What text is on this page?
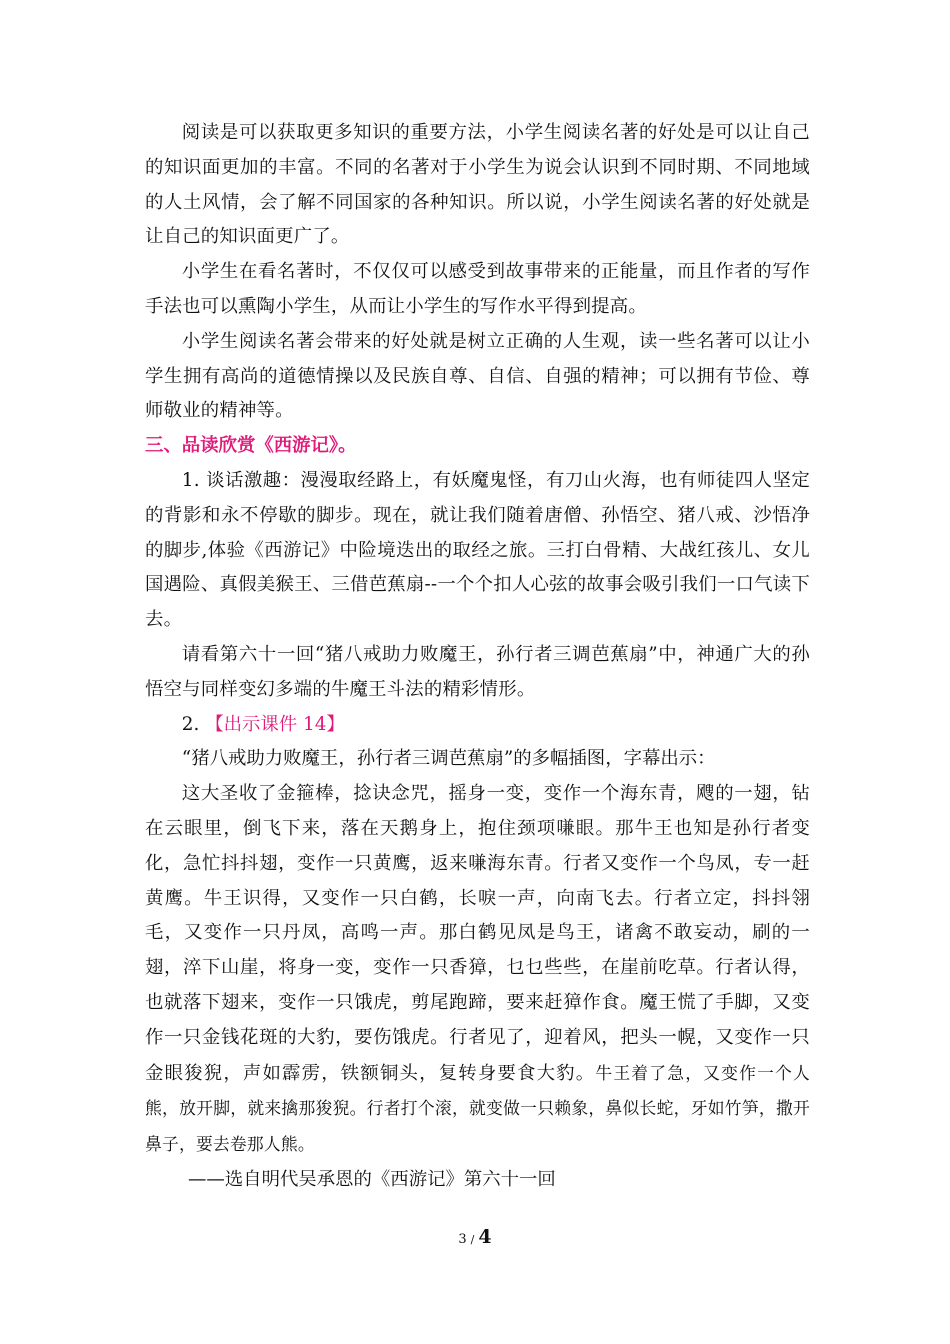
阅读是可以获取更多知识的重要方法，小学生阅读名著的好处是可以让自己的知识面更加的丰富。不同的名著对于小学生为说会认识到不同时期、不同地域的人土风情，会了解不同国家的各种知识。所以说，小学生阅读名著的好处就是让自己的知识面更广了。

小学生在看名著时，不仅仅可以感受到故事带来的正能量，而且作者的写作手法也可以熏陶小学生，从而让小学生的写作水平得到提高。

小学生阅读名著会带来的好处就是树立正确的人生观，读一些名著可以让小学生拥有高尚的道德情操以及民族自尊、自信、自强的精神；可以拥有节俭、尊师敬业的精神等。

三、品读欣赏《西游记》。

1. 谈话激趣：漫漫取经路上，有妖魔鬼怪，有刀山火海，也有师徒四人坚定的背影和永不停歇的脚步。现在，就让我们随着唐僧、孙悟空、猪八戒、沙悟净的脚步,体验《西游记》中险境迭出的取经之旅。三打白骨精、大战红孩儿、女儿国遇险、真假美猴王、三借芭蕉扇--一个个扣人心弦的故事会吸引我们一口气读下去。

请看第六十一回“猪八戒助力败魔王，孙行者三调芭蕉扇”中，神通广大的孙悟空与同样变幻多端的牛魔王斗法的精彩情形。

2. 【出示课件 14】

“猪八戒助力败魔王，孙行者三调芭蕉扇”的多幅插图，字幕出示：

这大圣收了金箍棒，捻诀念咒，摇身一变，变作一个海东青，飕的一翅，钻在云眼里，倒飞下来，落在天鹅身上，抱住颈项嗛眼。那牛王也知是孙行者变化，急忙抖抖翅，变作一只黄鹰，返来嗛海东青。行者又变作一个鸟凤，专一赶黄鹰。牛王识得，又变作一只白鹤，长唳一声，向南飞去。行者立定，抖抖翎毛，又变作一只丹凤，高鸣一声。那白鹤见凤是鸟王，诸禽不敢妄动，刷的一翅，淬下山崖，将身一变，变作一只香獐，乜乜些些，在崖前吃草。行者认得，也就落下翅来，变作一只饿虎，剪尾跑蹄，要来赶獐作食。魔王慌了手脚，又变作一只金钱花斑的大豹，要伤饿虎。行者见了，迎着风，把头一幌，又变作一只金眼狻猊，声如霹雳，铁额铜头，复转身要食大豹。牛王着了急，又变作一个人熊，放开脚，就来擒那狻猊。行者打个滚，就变做一只赖象，鼻似长蛇，牙如竹笋，撒开鼻子，要去卷那人熊。

——选自明代吴承恩的《西游记》第六十一回

3 / 4
